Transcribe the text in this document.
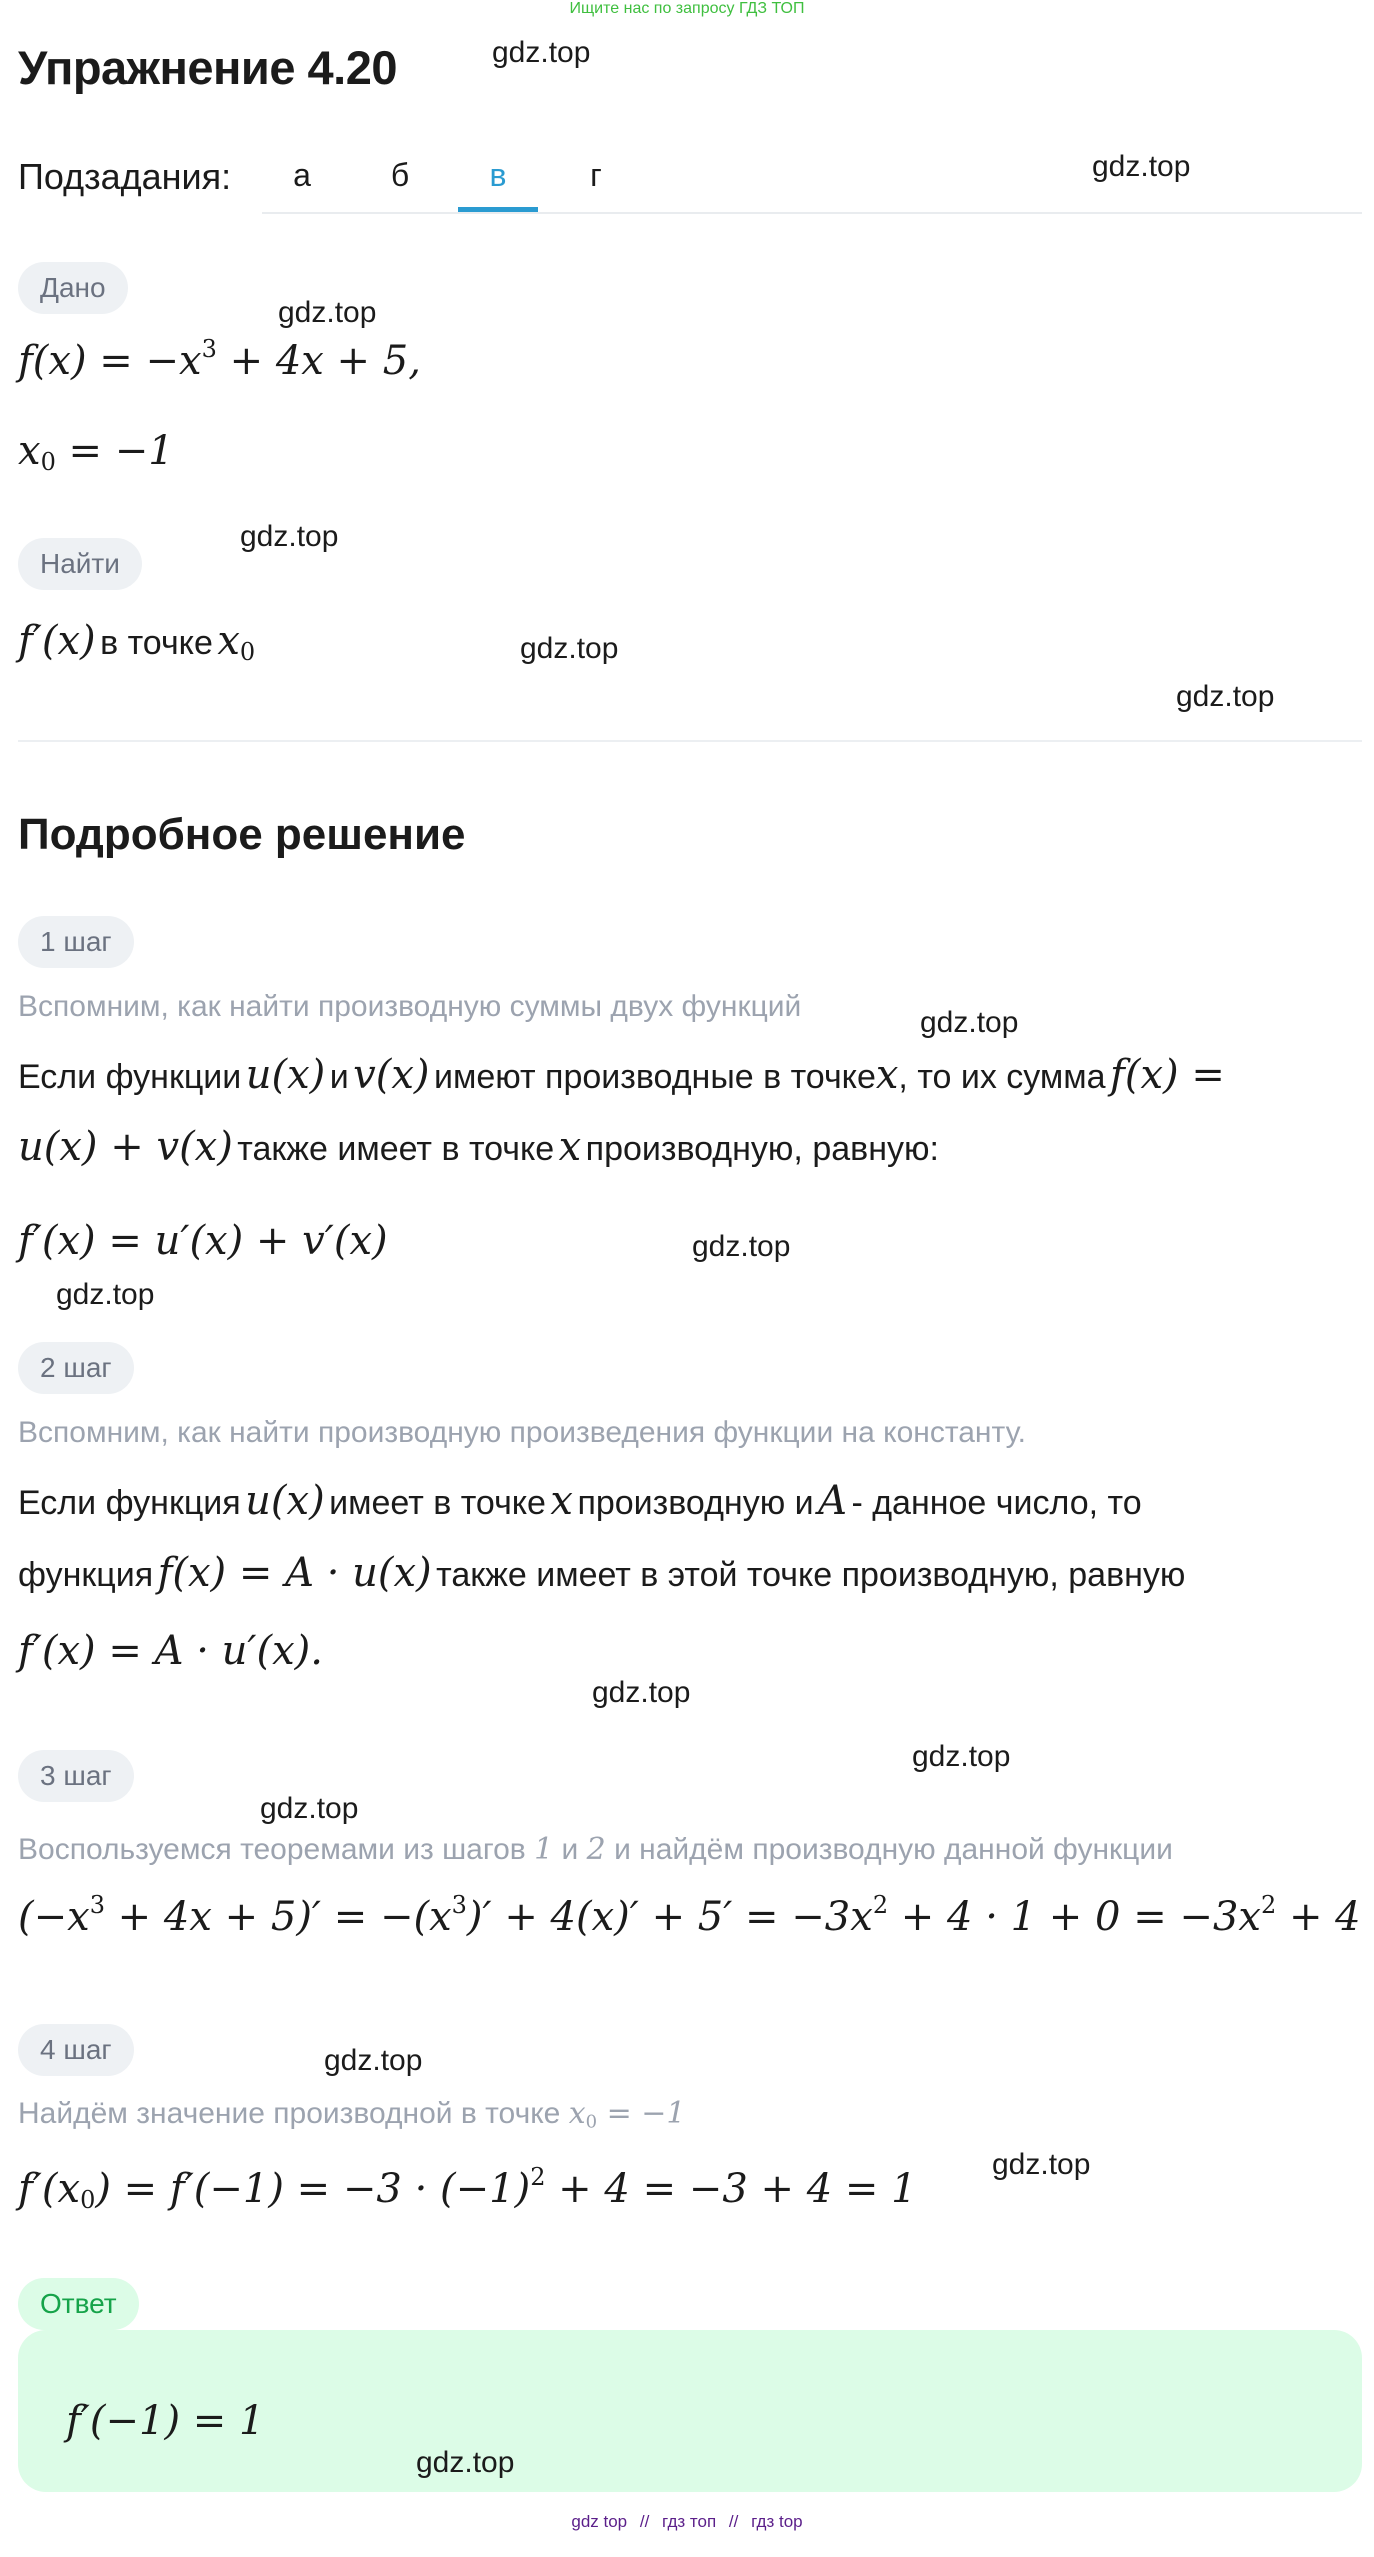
Ищите нас по запросу ГДЗ ТОП
Упражнение 4.20
Подзадания:	а	б	в	г
Дано
$f(x) = -x^3 + 4x + 5$,
$x_0 = -1$
Найти
f′(x) в точке $x_0$
Подробное решение
1 шаг
Вспомним, как найти производную суммы двух функций
Если функции u(x) и v(x) имеют производные в точкеx, то их сумма f(x) =
u(x) + v(x) также имеет в точке x производную, равную:
f′(x) = u′(x) + v′(x)
2 шаг
Вспомним, как найти производную произведения функции на константу.
Если функция u(x) имеет в точке x производную и A - данное число, то
функция f(x) = A · u(x) также имеет в этой точке производную, равную
f′(x) = A · u′(x).
3 шаг
Воспользуемся теоремами из шагов 1 и 2 и найдём производную данной функции
$(-x^3 + 4x + 5)' = -(x^3)' + 4(x)' + 5' = -3x^2 + 4 \cdot 1 + 0 = -3x^2 + 4$
4 шаг
Найдём значение производной в точке $x_0 = -1$
$f'(x_0) = f'(-1) = -3 \cdot (-1)^2 + 4 = -3 + 4 = 1$
Ответ
f′(−1) = 1
gdz.top
gdz.top
gdz.top
gdz.top
gdz.top
gdz.top
gdz.top
gdz.top
gdz.top
gdz.top
gdz.top
gdz.top
gdz.top
gdz.top
gdz.top
gdz top // гдз топ // гдз top
